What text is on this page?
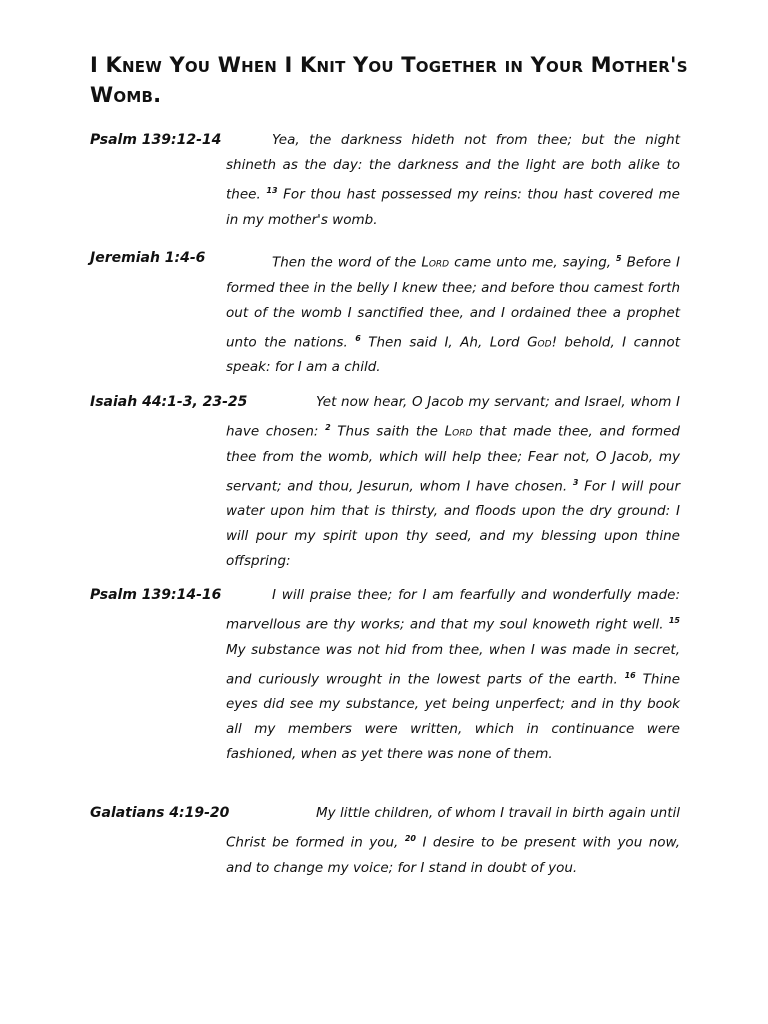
I Knew You When I Knit You Together in Your Mother's Womb.
Psalm 139:12-14	Yea, the darkness hideth not from thee; but the night shineth as the day: the darkness and the light are both alike to thee. $^{13}$ For thou hast possessed my reins: thou hast covered me in my mother's womb.
Jeremiah 1:4-6	Then the word of the Lord came unto me, saying, $^5$ Before I formed thee in the belly I knew thee; and before thou camest forth out of the womb I sanctified thee, and I ordained thee a prophet unto the nations. $^6$ Then said I, Ah, Lord God! behold, I cannot speak: for I am a child.
Isaiah 44:1-3, 23-25	Yet now hear, O Jacob my servant; and Israel, whom I have chosen: $^2$ Thus saith the Lord that made thee, and formed thee from the womb, which will help thee; Fear not, O Jacob, my servant; and thou, Jesurun, whom I have chosen. $^3$ For I will pour water upon him that is thirsty, and floods upon the dry ground: I will pour my spirit upon thy seed, and my blessing upon thine offspring:
Psalm 139:14-16	I will praise thee; for I am fearfully and wonderfully made: marvellous are thy works; and that my soul knoweth right well. $^{15}$ My substance was not hid from thee, when I was made in secret, and curiously wrought in the lowest parts of the earth. $^{16}$ Thine eyes did see my substance, yet being unperfect; and in thy book all my members were written, which in continuance were fashioned, when as yet there was none of them.
Galatians 4:19-20	My little children, of whom I travail in birth again until Christ be formed in you, $^{20}$ I desire to be present with you now, and to change my voice; for I stand in doubt of you.
